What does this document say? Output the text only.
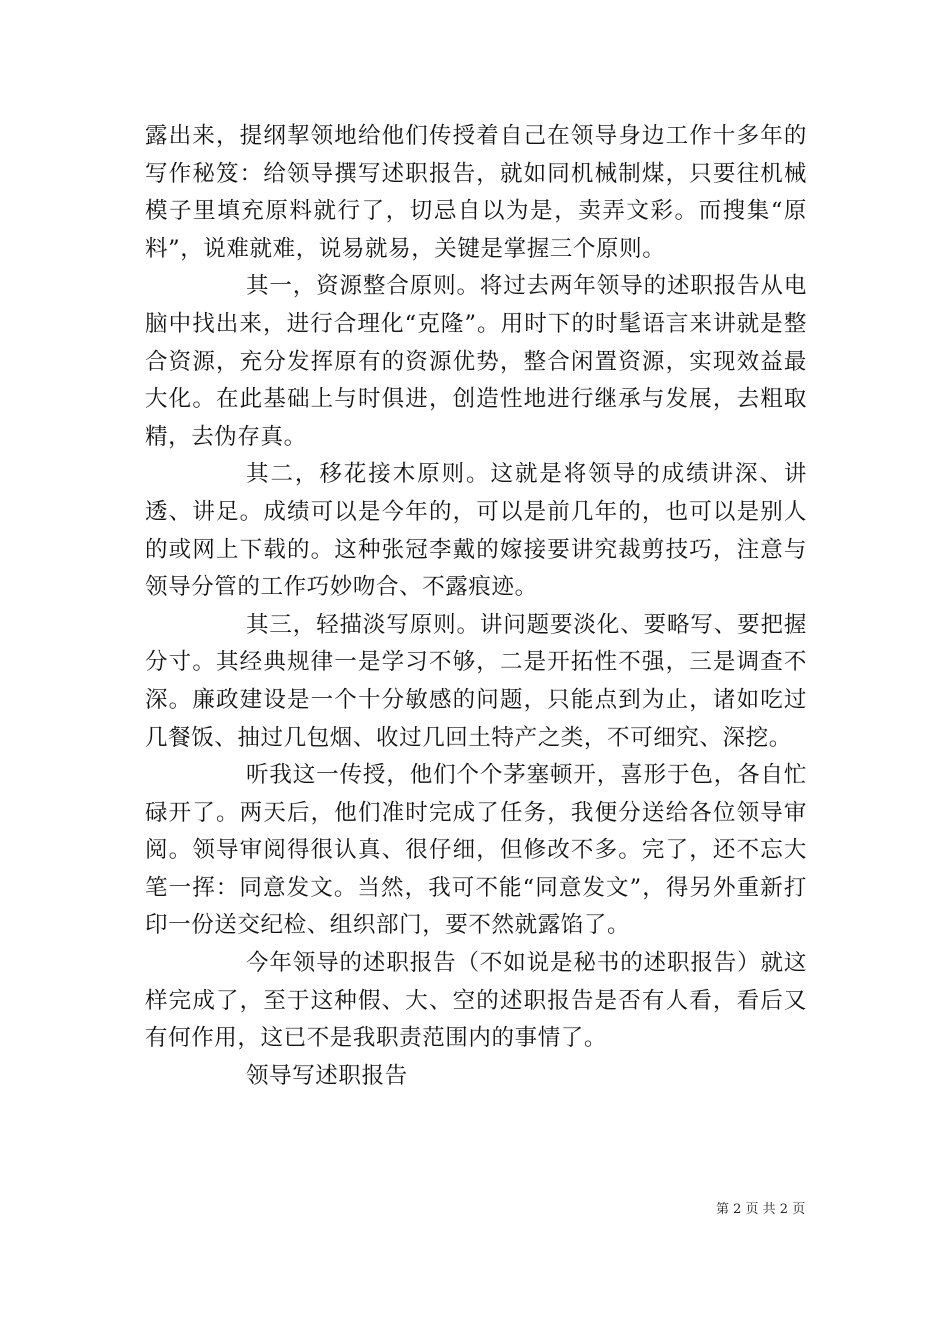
露出来，提纲挈领地给他们传授着自己在领导身边工作十多年的写作秘笈：给领导撰写述职报告，就如同机械制煤，只要往机械模子里填充原料就行了，切忌自以为是，卖弄文彩。而搜集“原料”，说难就难，说易就易，关键是掌握三个原则。

其一，资源整合原则。将过去两年领导的述职报告从电脑中找出来，进行合理化“克隆”。用时下的时髦语言来讲就是整合资源，充分发挥原有的资源优势，整合闲置资源，实现效益最大化。在此基础上与时俱进，创造性地进行继承与发展，去粗取精，去伪存真。

其二，移花接木原则。这就是将领导的成绩讲深、讲透、讲足。成绩可以是今年的，可以是前几年的，也可以是别人的或网上下载的。这种张冠李戴的嫁接要讲究裁剪技巧，注意与领导分管的工作巧妙吻合、不露痕迹。

其三，轻描淡写原则。讲问题要淡化、要略写、要把握分寸。其经典规律一是学习不够，二是开拓性不强，三是调查不深。廉政建设是一个十分敏感的问题，只能点到为止，诸如吃过几餐饭、抽过几包烟、收过几回土特产之类，不可细究、深挖。

听我这一传授，他们个个茅塞顿开，喜形于色，各自忙碌开了。两天后，他们准时完成了任务，我便分送给各位领导审阅。领导审阅得很认真、很仔细，但修改不多。完了，还不忘大笔一挥：同意发文。当然，我可不能“同意发文”，得另外重新打印一份送交纪检、组织部门，要不然就露馅了。

今年领导的述职报告（不如说是秘书的述职报告）就这样完成了，至于这种假、大、空的述职报告是否有人看，看后又有何作用，这已不是我职责范围内的事情了。

领导写述职报告

第 2 页 共 2 页
